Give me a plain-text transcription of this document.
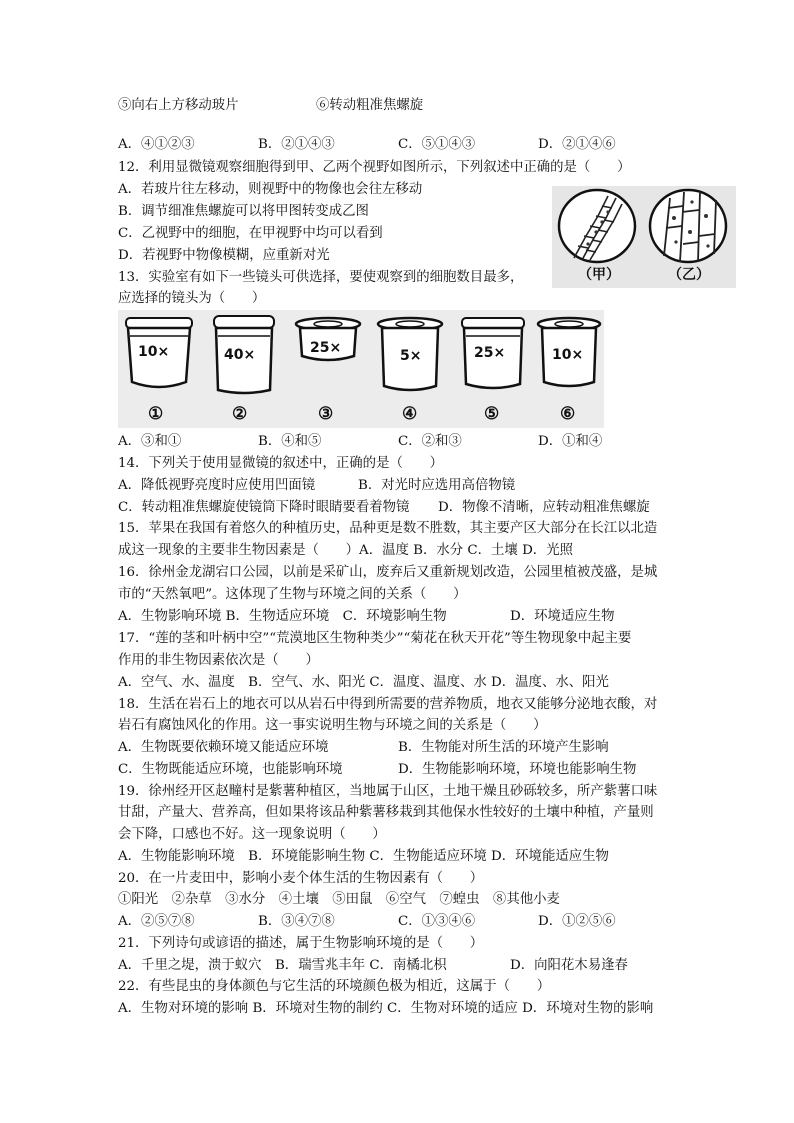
⑤向右上方移动玻片	⑥转动粗准焦螺旋
A．④①②③	B．②①④③	C．⑤①④③	D．②①④⑥
12．利用显微镜观察细胞得到甲、乙两个视野如图所示，下列叙述中正确的是（　　）
A．若玻片往左移动，则视野中的物像也会往左移动
B．调节细准焦螺旋可以将甲图转变成乙图
C．乙视野中的细胞，在甲视野中均可以看到
D．若视野中物像模糊，应重新对光
（甲）	（乙）
13．实验室有如下一些镜头可供选择，要使观察到的细胞数目最多，
应选择的镜头为（　　）
10×	40×	25×	5×	25×	10×
①	②	③	④	⑤	⑥
A．③和①	B．④和⑤	C．②和③	D．①和④
14．下列关于使用显微镜的叙述中，正确的是（　　）
A．降低视野亮度时应使用凹面镜	B．对光时应选用高倍物镜
C．转动粗准焦螺旋使镜筒下降时眼睛要看着物镜 D．物像不清晰，应转动粗准焦螺旋
15．苹果在我国有着悠久的种植历史，品种更是数不胜数，其主要产区大部分在长江以北造
成这一现象的主要非生物因素是（　　）A．温度 B．水分 C．土壤 D．光照
16．徐州金龙湖宕口公园，以前是采矿山，废弃后又重新规划改造，公园里植被茂盛，是城
市的“天然氧吧”。这体现了生物与环境之间的关系（　　）
A．生物影响环境 B．生物适应环境　C．环境影响生物	D．环境适应生物
17．“莲的茎和叶柄中空”“荒漠地区生物种类少”“菊花在秋天开花”等生物现象中起主要
作用的非生物因素依次是（　　）
A．空气、水、温度　B．空气、水、阳光 C．温度、温度、水 D．温度、水、阳光
18．生活在岩石上的地衣可以从岩石中得到所需要的营养物质，地衣又能够分泌地衣酸，对
岩石有腐蚀风化的作用。这一事实说明生物与环境之间的关系是（　　）
A．生物既要依赖环境又能适应环境	B．生物能对所生活的环境产生影响
C．生物既能适应环境，也能影响环境	D．生物能影响环境，环境也能影响生物
19．徐州经开区赵疃村是紫薯种植区，当地属于山区，土地干燥且砂砾较多，所产紫薯口味
甘甜，产量大、营养高，但如果将该品种紫薯移栽到其他保水性较好的土壤中种植，产量则
会下降，口感也不好。这一现象说明（　　）
A．生物能影响环境　B．环境能影响生物 C．生物能适应环境 D．环境能适应生物
20．在一片麦田中，影响小麦个体生活的生物因素有（　　）
①阳光　②杂草　③水分　④土壤　⑤田鼠　⑥空气　⑦蝗虫　⑧其他小麦
A．②⑤⑦⑧	B．③④⑦⑧	C．①③④⑥	D．①②⑤⑥
21．下列诗句或谚语的描述，属于生物影响环境的是（　　）
A．千里之堤，溃于蚁穴　B．瑞雪兆丰年 C．南橘北枳	D．向阳花木易逢春
22．有些昆虫的身体颜色与它生活的环境颜色极为相近，这属于（　　）
A．生物对环境的影响 B．环境对生物的制约 C．生物对环境的适应 D．环境对生物的影响
